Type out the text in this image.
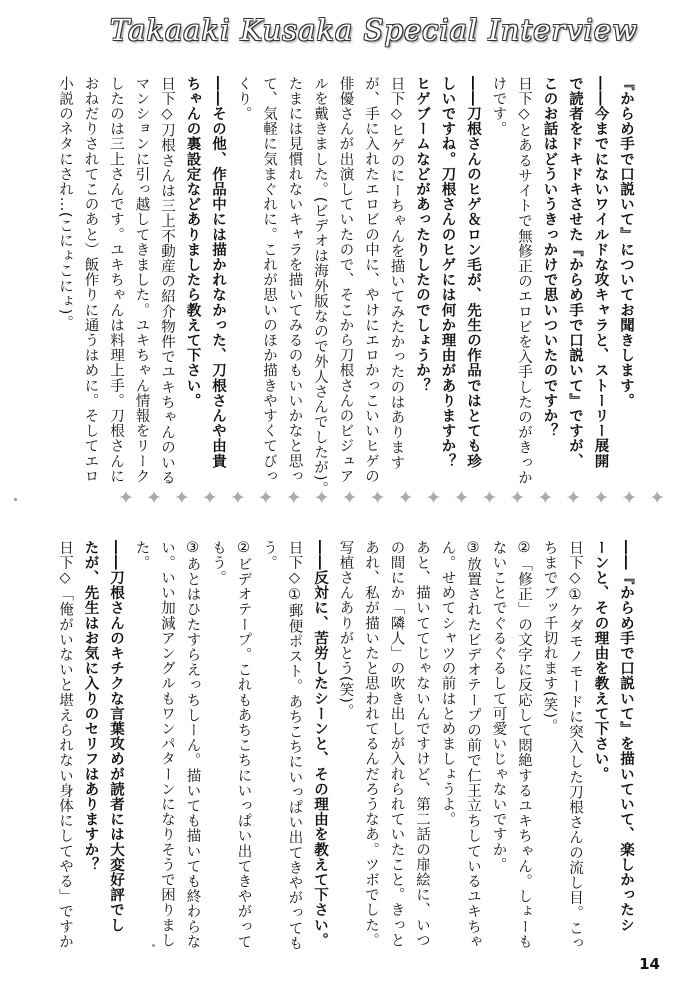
Takaaki Kusaka Special Interview
『からめ手で口説いて』についてお聞きします。
――今までにないワイルドな攻キャラと、ストーリー展開
で読者をドキドキさせた『からめ手で口説いて』ですが、
このお話はどういうきっかけで思いついたのですか？
日下◇とあるサイトで無修正のエロビを入手したのがきっか
けです。
――刀根さんのヒゲ＆ロン毛が、先生の作品ではとても珍
しいですね。刀根さんのヒゲには何か理由がありますか？
ヒゲブームなどがあったりしたのでしょうか？
日下◇ヒゲのにーちゃんを描いてみたかったのはあります
が、手に入れたエロビの中に、やけにエロかっこいいヒゲの
俳優さんが出演していたので、そこから刀根さんのビジュア
ルを戴きました。(ビデオは海外版なので外人さんでしたが)。
たまには見慣れないキャラを描いてみるのもいいかなと思っ
て、気軽に気まぐれに。これが思いのほか描きやすくてびっ
くり。
――その他、作品中には描かれなかった、刀根さんや由貴
ちゃんの裏設定などありましたら教えて下さい。
日下◇刀根さんは三上不動産の紹介物件でユキちゃんのいる
マンションに引っ越してきました。ユキちゃん情報をリーク
したのは三上さんです。ユキちゃんは料理上手。刀根さんに
おねだりされてこのあと）飯作りに通うはめに。そしてエロ
小説のネタにされ…(こにょこにょ)。
✦ ✦ ✦ ✦ ✦ ✦ ✦ ✦ ✦ ✦ ✦ ✦ ✦ ✦ ✦ ✦ ✦ ✦ ✦ ✦
――『からめ手で口説いて』を描いていて、楽しかったシ
ーンと、その理由を教えて下さい。
日下◇①ケダモノモードに突入した刀根さんの流し目。こっ
ちまでブッ千切れます(笑)。
②「修正」の文字に反応して悶絶するユキちゃん。しょーも
ないことでぐるぐるして可愛いじゃないですか。
③放置されたビデオテープの前で仁王立ちしているユキちゃ
ん。せめてシャツの前はとめましょうよ。
あと、描いててじゃないんですけど、第二話の扉絵に、いつ
の間にか「隣人」の吹き出しが入れられていたこと。きっと
あれ、私が描いたと思われてるんだろうなあ。ツボでした。
写植さんありがとう(笑)。
――反対に、苦労したシーンと、その理由を教えて下さい。
日下◇①郵便ポスト。あちこちにいっぱい出てきやがっても
う。
②ビデオテープ。これもあちこちにいっぱい出てきやがって
もう。
③あとはひたすらえっちしーん。描いても描いても終わらな
い。いい加減アングルもワンパターンになりそうで困りまし
た。
――刀根さんのキチクな言葉攻めが読者には大変好評でし
たが、先生はお気に入りのセリフはありますか？
日下◇「俺がいないと堪えられない身体にしてやる」ですか
14
